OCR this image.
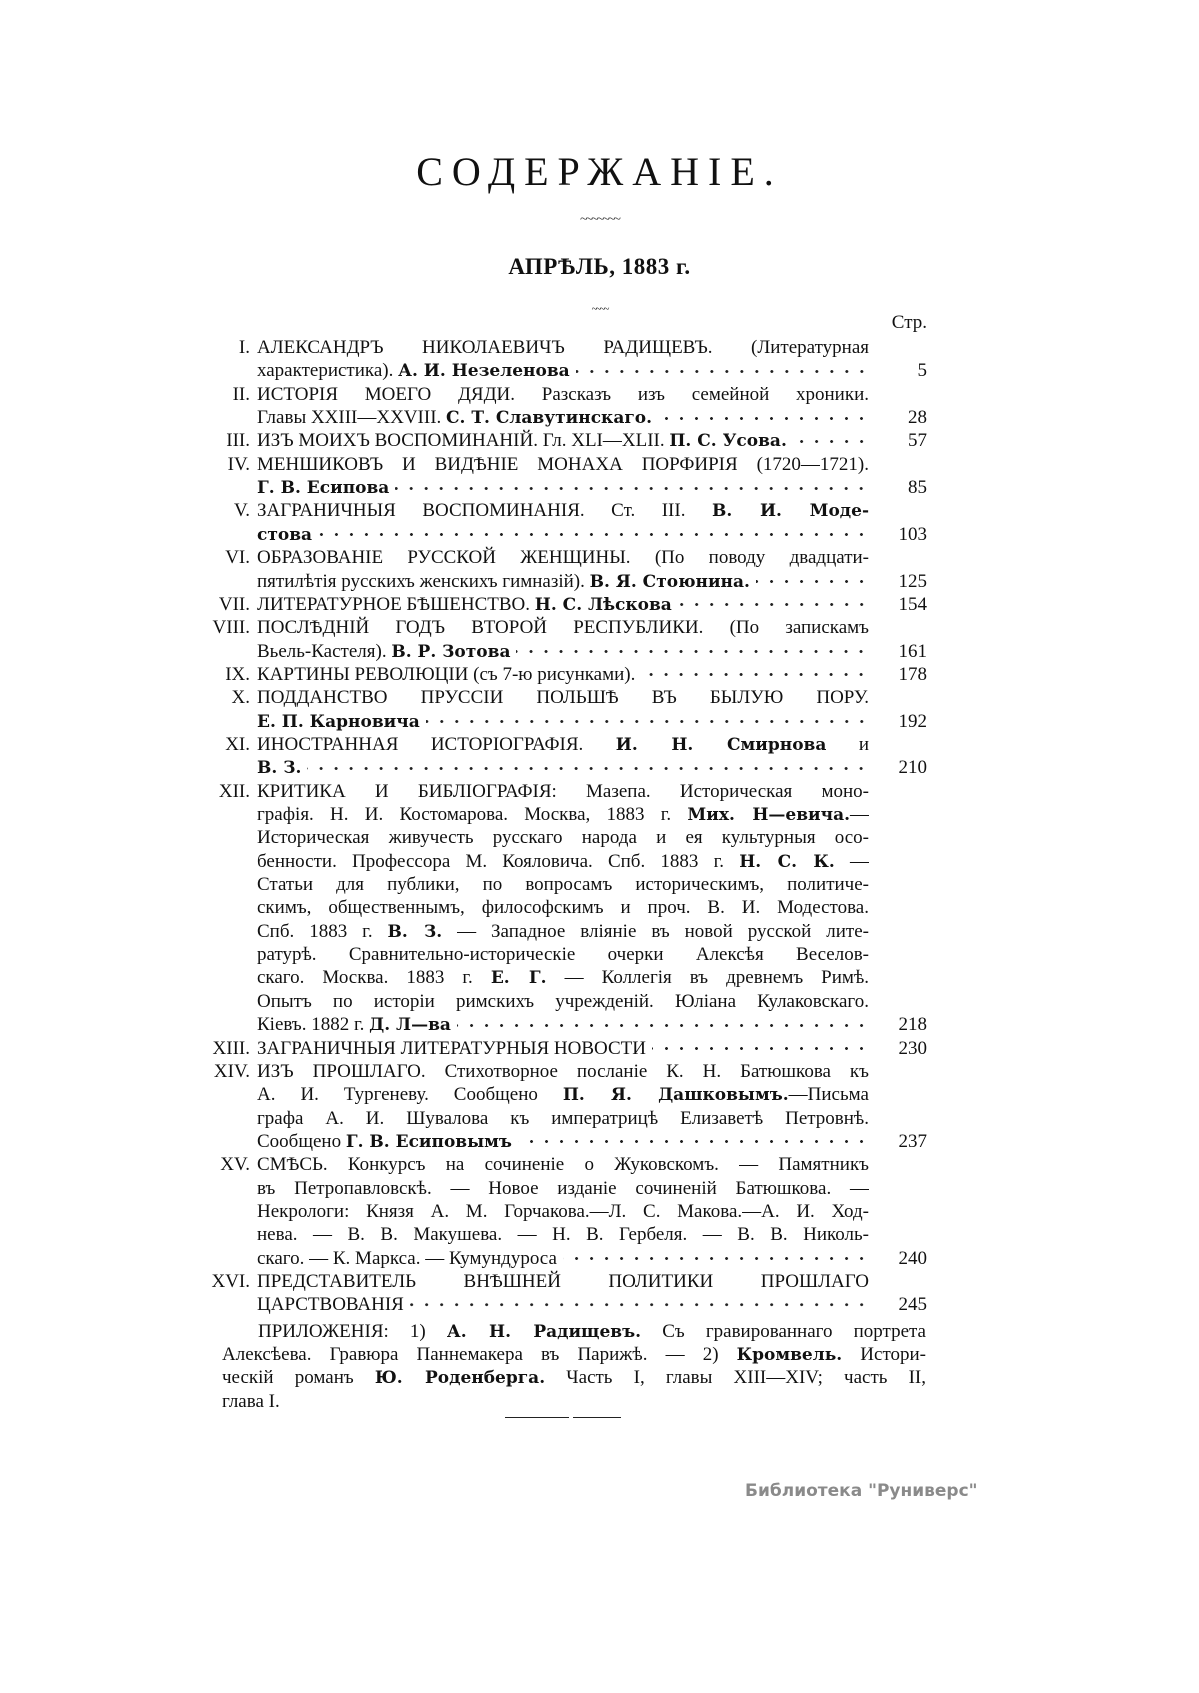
СОДЕРЖАНІЕ.
~~~~~~~
АПРѢЛЬ, 1883 г.
~~~~
Стр.
I. АЛЕКСАНДРЪ НИКОЛАЕВИЧЪ РАДИЩЕВЪ. (Литературная
характеристика). А. И. Незеленова	5
II. ИСТОРІЯ МОЕГО ДЯДИ. Разсказъ изъ семейной хроники.
Главы XXIII—XXVIII. С. Т. Славутинскаго.	28
III. ИЗЪ МОИХЪ ВОСПОМИНАНІЙ. Гл. XLI—XLII. П. С. Усова.	57
IV. МЕНШИКОВЪ И ВИДѢНІЕ МОНАХА ПОРФИРІЯ (1720—1721).
Г. В. Есипова	85
V. ЗАГРАНИЧНЫЯ ВОСПОМИНАНІЯ. Ст. III. В. И. Моде-
стова	103
VI. ОБРАЗОВАНІЕ РУССКОЙ ЖЕНЩИНЫ. (По поводу двадцати-
пятилѣтія русскихъ женскихъ гимназій). В. Я. Стоюнина.	125
VII. ЛИТЕРАТУРНОЕ БѢШЕНСТВО. Н. С. Лѣскова	154
VIII. ПОСЛѢДНІЙ ГОДЪ ВТОРОЙ РЕСПУБЛИКИ. (По запискамъ
Вьель-Кастеля). В. Р. Зотова	161
IX. КАРТИНЫ РЕВОЛЮЦІИ (съ 7-ю рисунками).	178
X. ПОДДАНСТВО ПРУССІИ ПОЛЬШѢ ВЪ БЫЛУЮ ПОРУ.
Е. П. Карновича	192
XI. ИНОСТРАННАЯ ИСТОРІОГРАФІЯ. И. Н. Смирнова и
В. З.	210
XII. КРИТИКА И БИБЛІОГРАФІЯ: Мазепа. Историческая моно-
графія. Н. И. Костомарова. Москва, 1883 г. Мих. Н—евича.—
Историческая живучесть русскаго народа и ея культурныя осо-
бенности. Профессора М. Кояловича. Спб. 1883 г. Н. С. К. —
Статьи для публики, по вопросамъ историческимъ, политиче-
скимъ, общественнымъ, философскимъ и проч. В. И. Модестова.
Спб. 1883 г. В. З. — Западное вліяніе въ новой русской лите-
ратурѣ. Сравнительно-историческіе очерки Алексѣя Веселов-
скаго. Москва. 1883 г. Е. Г. — Коллегія въ древнемъ Римѣ.
Опытъ по исторіи римскихъ учрежденій. Юліана Кулаковскаго.
Кіевъ. 1882 г. Д. Л—ва	218
XIII. ЗАГРАНИЧНЫЯ ЛИТЕРАТУРНЫЯ НОВОСТИ	230
XIV. ИЗЪ ПРОШЛАГО. Стихотворное посланіе К. Н. Батюшкова къ
А. И. Тургеневу. Сообщено П. Я. Дашковымъ.—Письма
графа А. И. Шувалова къ императрицѣ Елизаветѣ Петровнѣ.
Сообщено Г. В. Есиповымъ	237
XV. СМѢСЬ. Конкурсъ на сочиненіе о Жуковскомъ. — Памятникъ
въ Петропавловскѣ. — Новое изданіе сочиненій Батюшкова. —
Некрологи: Князя А. М. Горчакова.—Л. С. Макова.—А. И. Ход-
нева. — В. В. Макушева. — Н. В. Гербеля. — В. В. Николь-
скаго. — К. Маркса. — Кумундуроса	240
XVI. ПРЕДСТАВИТЕЛЬ ВНѢШНЕЙ ПОЛИТИКИ ПРОШЛАГО
ЦАРСТВОВАНІЯ	245
ПРИЛОЖЕНІЯ: 1) А. Н. Радищевъ. Съ гравированнаго портрета
Алексѣева. Гравюра Паннемакера въ Парижѣ. — 2) Кромвель. Истори-
ческій романъ Ю. Роденберга. Часть I, главы XIII—XIV; часть II,
глава I.
Библиотека "Руниверс"
